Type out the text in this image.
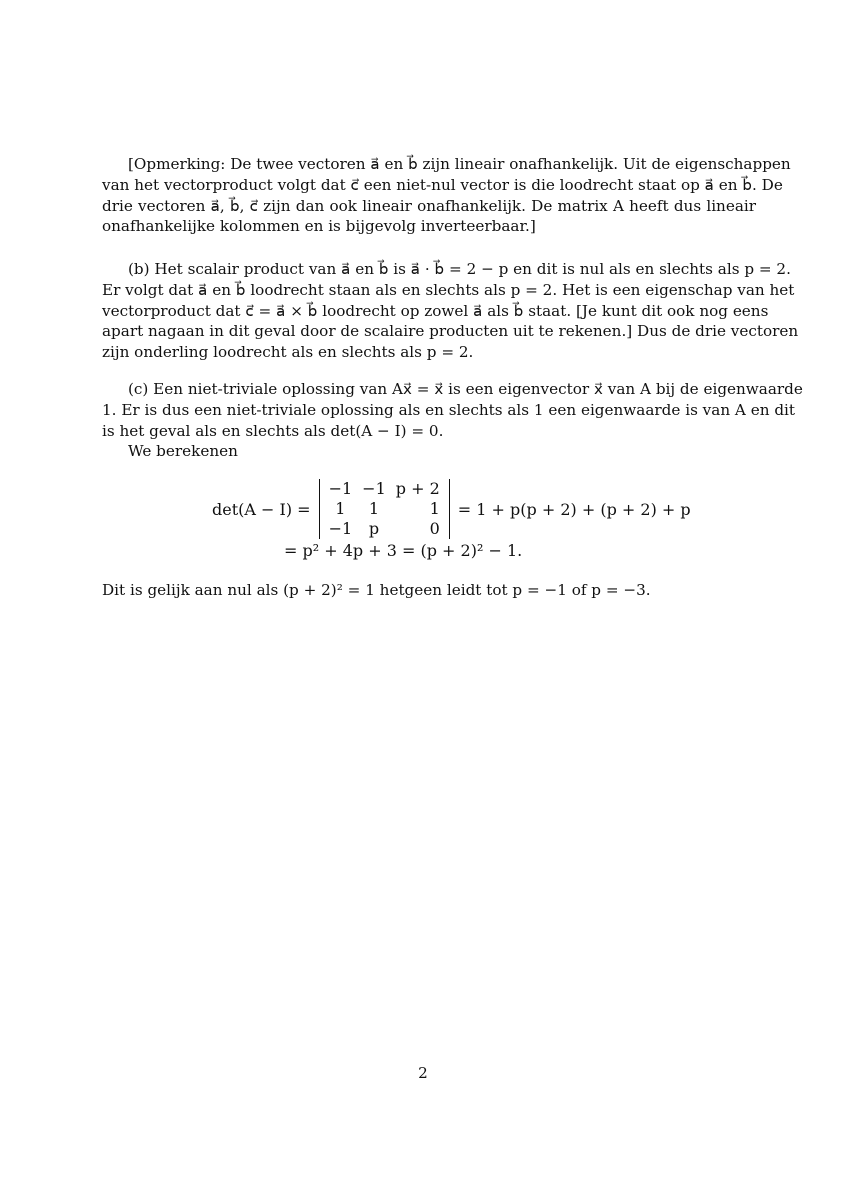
[Opmerking: De twee vectoren a⃗ en b⃗ zijn lineair onafhankelijk. Uit de eigenschappen
van het vectorproduct volgt dat c⃗ een niet-nul vector is die loodrecht staat op a⃗ en b⃗. De
drie vectoren a⃗, b⃗, c⃗ zijn dan ook lineair onafhankelijk. De matrix A heeft dus lineair
onafhankelijke kolommen en is bijgevolg inverteerbaar.]

(b) Het scalair product van a⃗ en b⃗ is a⃗ · b⃗ = 2 − p en dit is nul als en slechts als p = 2.
Er volgt dat a⃗ en b⃗ loodrecht staan als en slechts als p = 2. Het is een eigenschap van het
vectorproduct dat c⃗ = a⃗ × b⃗ loodrecht op zowel a⃗ als b⃗ staat. [Je kunt dit ook nog eens
apart nagaan in dit geval door de scalaire producten uit te rekenen.] Dus de drie vectoren
zijn onderling loodrecht als en slechts als p = 2.

(c) Een niet-triviale oplossing van Ax⃗ = x⃗ is een eigenvector x⃗ van A bij de eigenwaarde
1. Er is dus een niet-triviale oplossing als en slechts als 1 een eigenwaarde is van A en dit
is het geval als en slechts als det(A − I) = 0.

We berekenen

det(A − I) =
−1	−1	p + 2
1	1	1
−1	p	0
= 1 + p(p + 2) + (p + 2) + p
= p² + 4p + 3 = (p + 2)² − 1.

Dit is gelijk aan nul als (p + 2)² = 1 hetgeen leidt tot p = −1 of p = −3.

2
